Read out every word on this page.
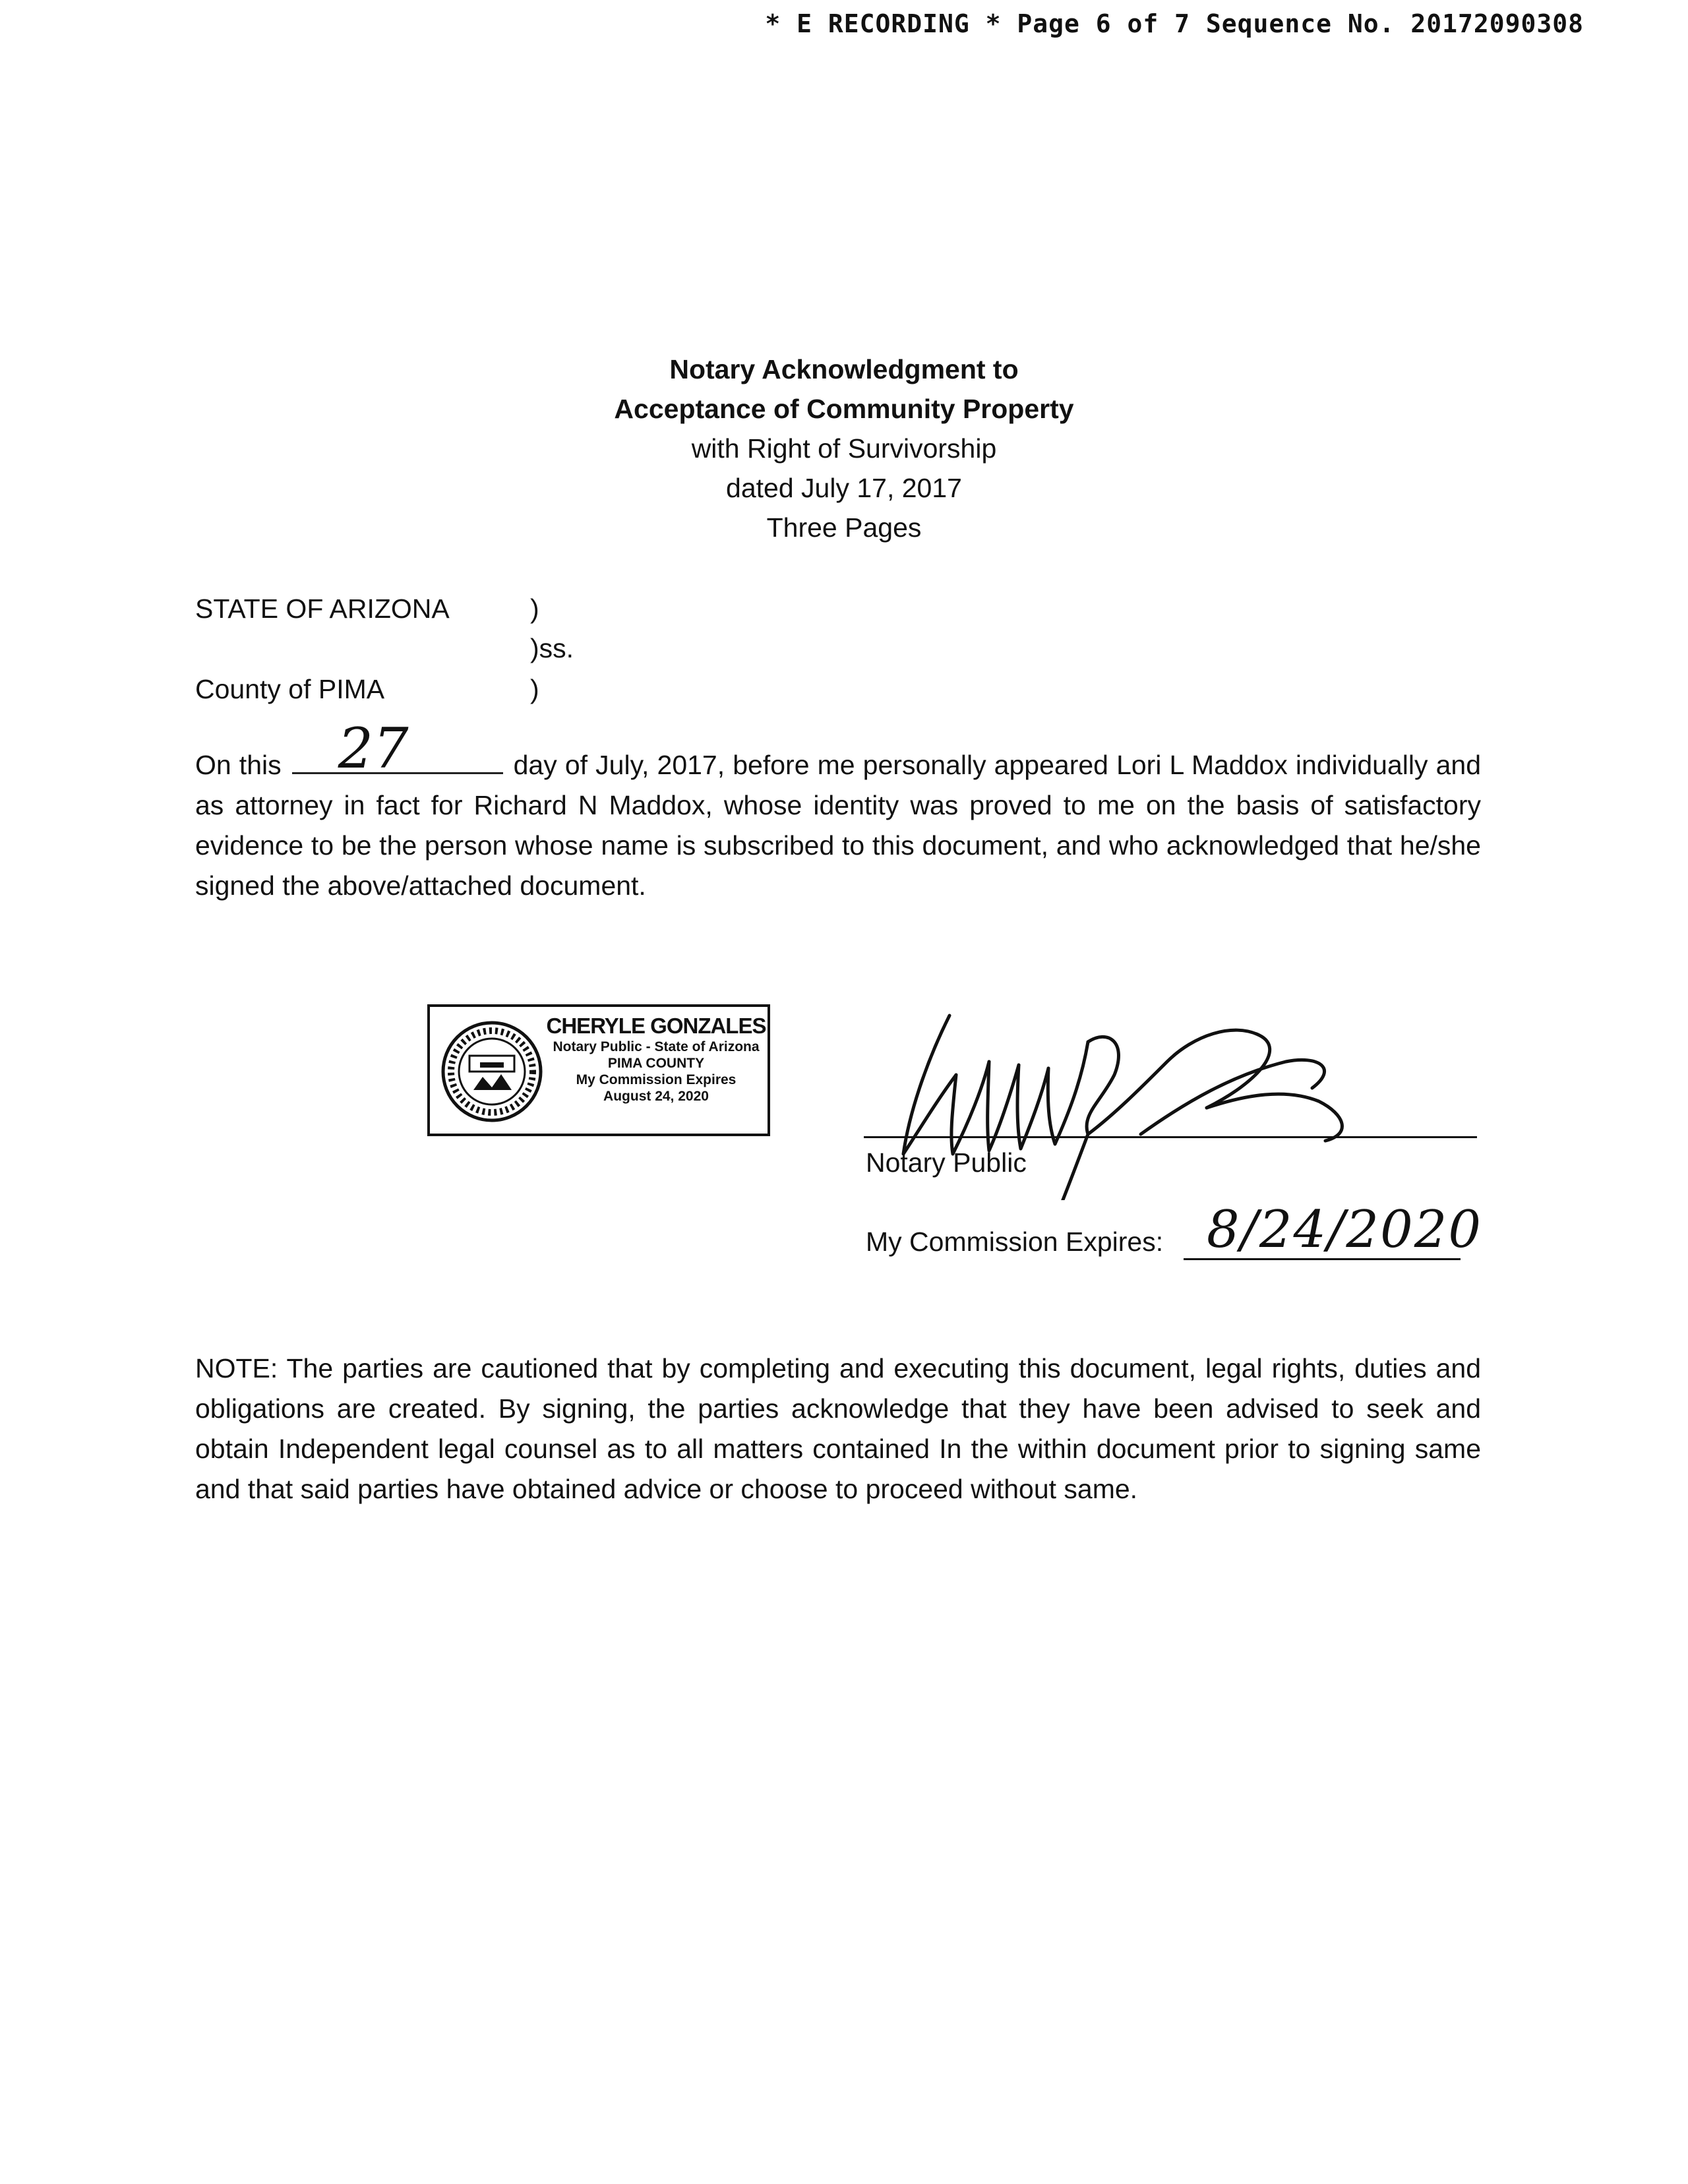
* E RECORDING * Page 6 of 7 Sequence No. 20172090308
Notary Acknowledgment to
Acceptance of Community Property
with Right of Survivorship
dated July 17, 2017
Three Pages
STATE OF ARIZONA	)
)ss.
County of PIMA	)
On this 27	day of July, 2017, before me personally appeared Lori L Maddox individually and as attorney in fact for Richard N Maddox, whose identity was proved to me on the basis of satisfactory evidence to be the person whose name is subscribed to this document, and who acknowledged that he/she signed the above/attached document.
CHERYLE GONZALES
Notary Public - State of Arizona
PIMA COUNTY
My Commission Expires
August 24, 2020
Notary Public
My Commission Expires: 8/24/2020
NOTE: The parties are cautioned that by completing and executing this document, legal rights, duties and obligations are created. By signing, the parties acknowledge that they have been advised to seek and obtain Independent legal counsel as to all matters contained In the within document prior to signing same and that said parties have obtained advice or choose to proceed without same.
